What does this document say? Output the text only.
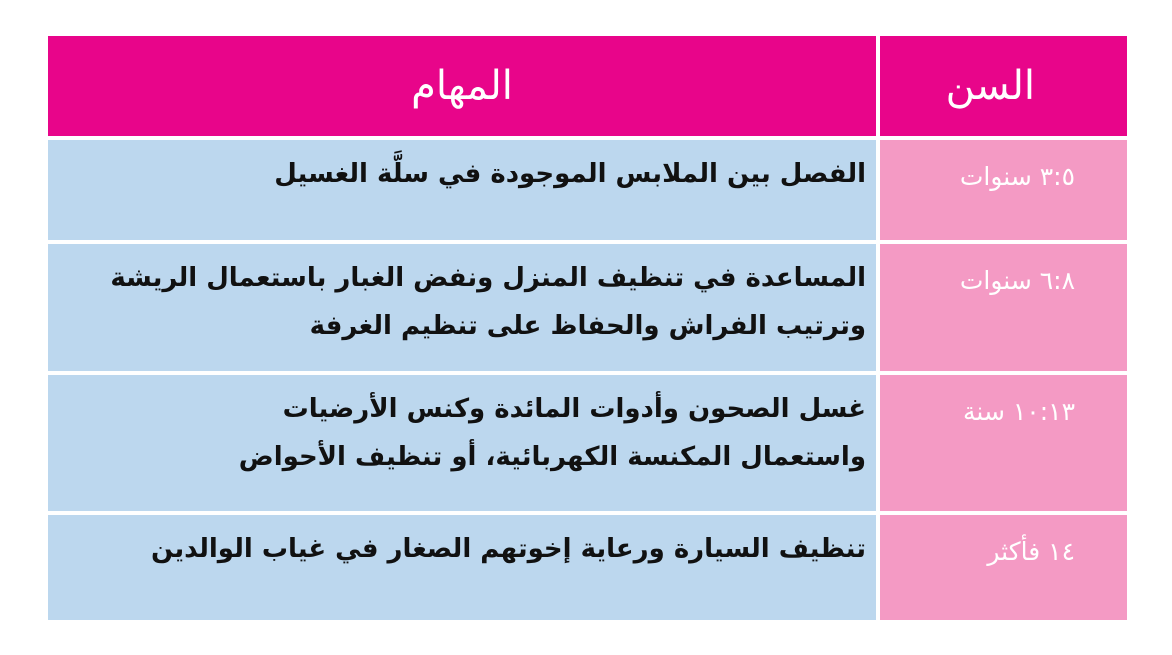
السن
المهام
٣:٥ سنوات
الفصل بين الملابس الموجودة في سلَّة الغسيل
٦:٨ سنوات
المساعدة في تنظيف المنزل ونفض الغبار باستعمال الريشة
وترتيب الفراش والحفاظ على تنظيم الغرفة
١٠:١٣ سنة
غسل الصحون وأدوات المائدة وكنس الأرضيات
واستعمال المكنسة الكهربائية، أو تنظيف الأحواض
١٤ فأكثر
تنظيف السيارة ورعاية إخوتهم الصغار في غياب الوالدين
